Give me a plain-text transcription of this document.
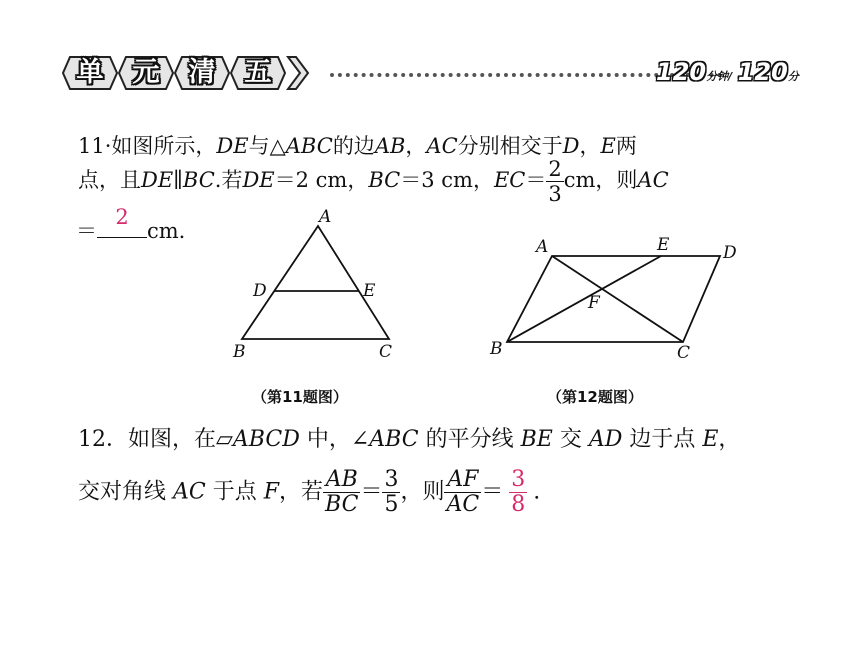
单	元	清	五	120分钟/ 120分
11·如图所示，DE与△ABC的边AB，AC分别相交于D，E两
点，且DE∥BC.若DE＝2 cm，BC＝3 cm，$EC= \frac{2}{3}$ cm，则AC
＝
2
cm.
A
D	E
B	C
（第11题图）
A	E	D
F
B	C
（第12题图）
12．如图，在▱ABCD 中，∠ABC 的平分线 BE 交 AD 边于点 E，
交对角线 AC 于点 F，若 $\frac{AB}{BC} = \frac{3}{5}$ ，则 $\frac{AF}{AC} = \frac{3}{8}$ .
